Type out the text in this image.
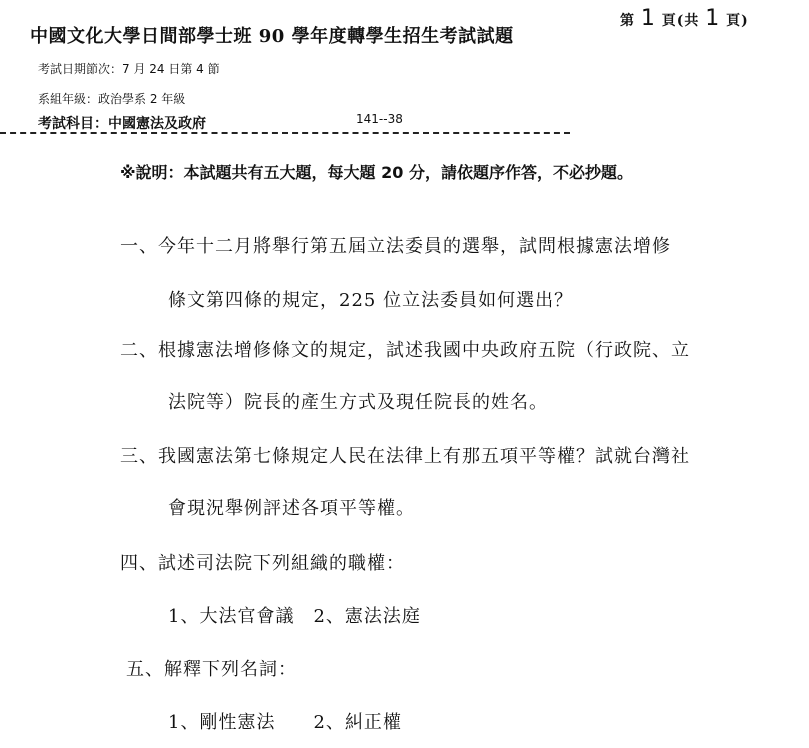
第 1 頁(共 1 頁)
中國文化大學日間部學士班 90 學年度轉學生招生考試試題
考試日期節次：7 月 24 日第 4 節
系組年級：政治學系 2 年級
考試科目：中國憲法及政府	141--38
※說明：本試題共有五大題，每大題 20 分，請依題序作答，不必抄題。
一、今年十二月將舉行第五屆立法委員的選舉，試問根據憲法增修
條文第四條的規定，225 位立法委員如何選出？
二、根據憲法增修條文的規定，試述我國中央政府五院（行政院、立
法院等）院長的產生方式及現任院長的姓名。
三、我國憲法第七條規定人民在法律上有那五項平等權？試就台灣社
會現況舉例評述各項平等權。
四、試述司法院下列組織的職權：
1、大法官會議　2、憲法法庭
五、解釋下列名詞：
1、剛性憲法　　2、糾正權
